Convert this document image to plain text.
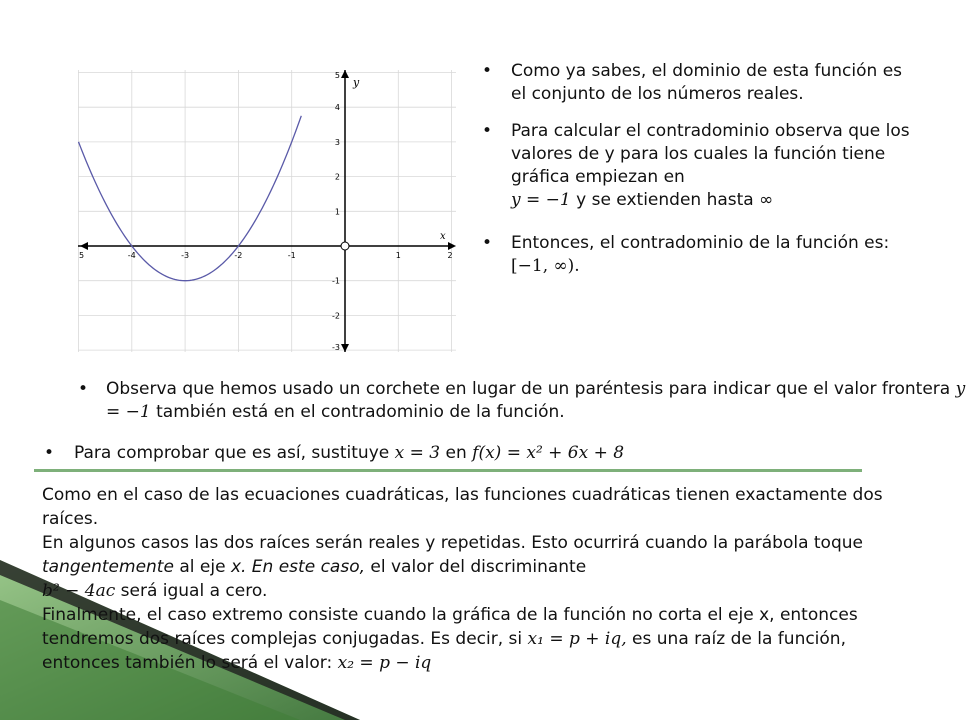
5	-4	-3	-2	-1	1	2
5
4
3
2
1
-1
-2
-3
y
x
• Como ya sabes, el dominio de esta función es el conjunto de los números reales.
• Para calcular el contradominio observa que los valores de y para los cuales la función tiene gráfica empiezan en
y = −1 y se extienden hasta ∞
• Entonces, el contradominio de la función es: [−1, ∞).
• Observa que hemos usado un corchete en lugar de un paréntesis para indicar que el valor frontera y = −1 también está en el contradominio de la función.
• Para comprobar que es así, sustituye x = 3 en f(x) = x² + 6x + 8

Como en el caso de las ecuaciones cuadráticas, las funciones cuadráticas tienen exactamente dos raíces.

En algunos casos las dos raíces serán reales y repetidas. Esto ocurrirá cuando la parábola toque tangentemente al eje x. En este caso, el valor del discriminante
b² − 4ac será igual a cero.

Finalmente, el caso extremo consiste cuando la gráfica de la función no corta el eje x, entonces tendremos dos raíces complejas conjugadas. Es decir, si x₁ = p + iq, es una raíz de la función, entonces también lo será el valor: x₂ = p − iq
